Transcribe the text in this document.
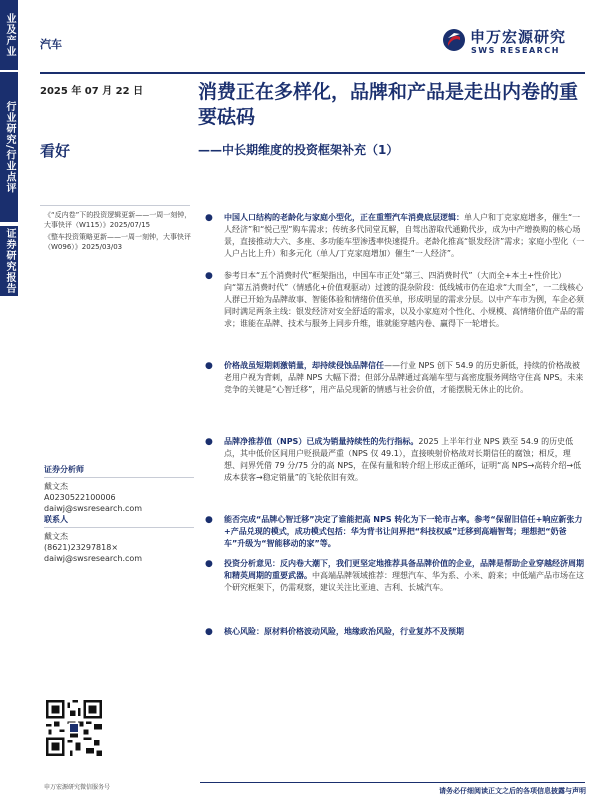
业及产业
行业研究/行业点评
证券研究报告
汽车	申万宏源研究
SWS RESEARCH
2025 年 07 月 22 日
看好
《“反内卷”下的投资逻辑更新——一周一刻钟，大事快评（W115）》2025/07/15
《整车投资策略更新——一周一刻钟，大事快评（W096）》2025/03/03
证券分析师
戴文杰
A0230522100006
daiwj@swsresearch.com
联系人
戴文杰
(8621)23297818×
daiwj@swsresearch.com
申万宏源研究微信服务号
消费正在多样化，品牌和产品是走出内卷的重要砝码
——中长期维度的投资框架补充（1）
● 中国人口结构的老龄化与家庭小型化，正在重塑汽车消费底层逻辑：单人户和丁克家庭增多，催生“一人经济”和“悦己型”购车需求；传统多代同堂瓦解，自驾出游取代通勤代步，成为中产增换购的核心场景，直接推动大六、多座、多功能车型渗透率快速提升。老龄化推高“银发经济”需求；家庭小型化（一人户占比上升）和多元化（单人/丁克家庭增加）催生“一人经济”。
● 参考日本“五个消费时代”框架指出，中国车市正处“第三、四消费时代”（大而全+本土+性价比）向“第五消费时代”（情感化+价值观驱动）过渡的混杂阶段：低线城市仍在追求“大而全”，一二线核心人群已开始为品牌故事、智能体验和情绪价值买单，形成明显的需求分层。以中产车市为例，车企必须同时满足两条主线：银发经济对安全舒适的需求，以及小家庭对个性化、小规模、高情绪价值产品的需求；谁能在品牌、技术与服务上同步升维，谁就能穿越内卷、赢得下一轮增长。
● 价格战虽短期刺激销量，却持续侵蚀品牌信任——行业 NPS 创下 54.9 的历史新低，持续的价格战被老用户视为背刺，品牌 NPS 大幅下滑；但部分品牌通过高端车型与高密度服务网络守住高 NPS。未来竞争的关键是“心智迁移”，用产品兑现新的情感与社会价值，才能摆脱无休止的比价。
● 品牌净推荐值（NPS）已成为销量持续性的先行指标。2025 上半年行业 NPS 跌至 54.9 的历史低点，其中低价区间用户贬损最严重（NPS 仅 49.1），直接映射价格战对长期信任的腐蚀；相反，理想、问界凭借 79 分/75 分的高 NPS，在保有量和转介绍上形成正循环，证明“高 NPS→高转介绍→低成本获客→稳定销量”的飞轮依旧有效。
● 能否完成“品牌心智迁移”决定了谁能把高 NPS 转化为下一轮市占率。参考“保留旧信任+响应新张力+产品兑现的模式，成功模式包括：华为背书让问界把“科技权威”迁移到高端智驾；理想把“奶爸车”升级为“智能移动的家”等。
● 投资分析意见：反内卷大潮下，我们更坚定地推荐具备品牌价值的企业，品牌是帮助企业穿越经济周期和精英周期的重要武器。中高端品牌领域推荐：理想汽车、华为系、小米、蔚来；中低端产品市场在这个研究框架下，仍需观察，建议关注比亚迪、吉利、长城汽车。
● 核心风险：原材料价格波动风险，地缘政治风险，行业复苏不及预期
请务必仔细阅读正文之后的各项信息披露与声明
